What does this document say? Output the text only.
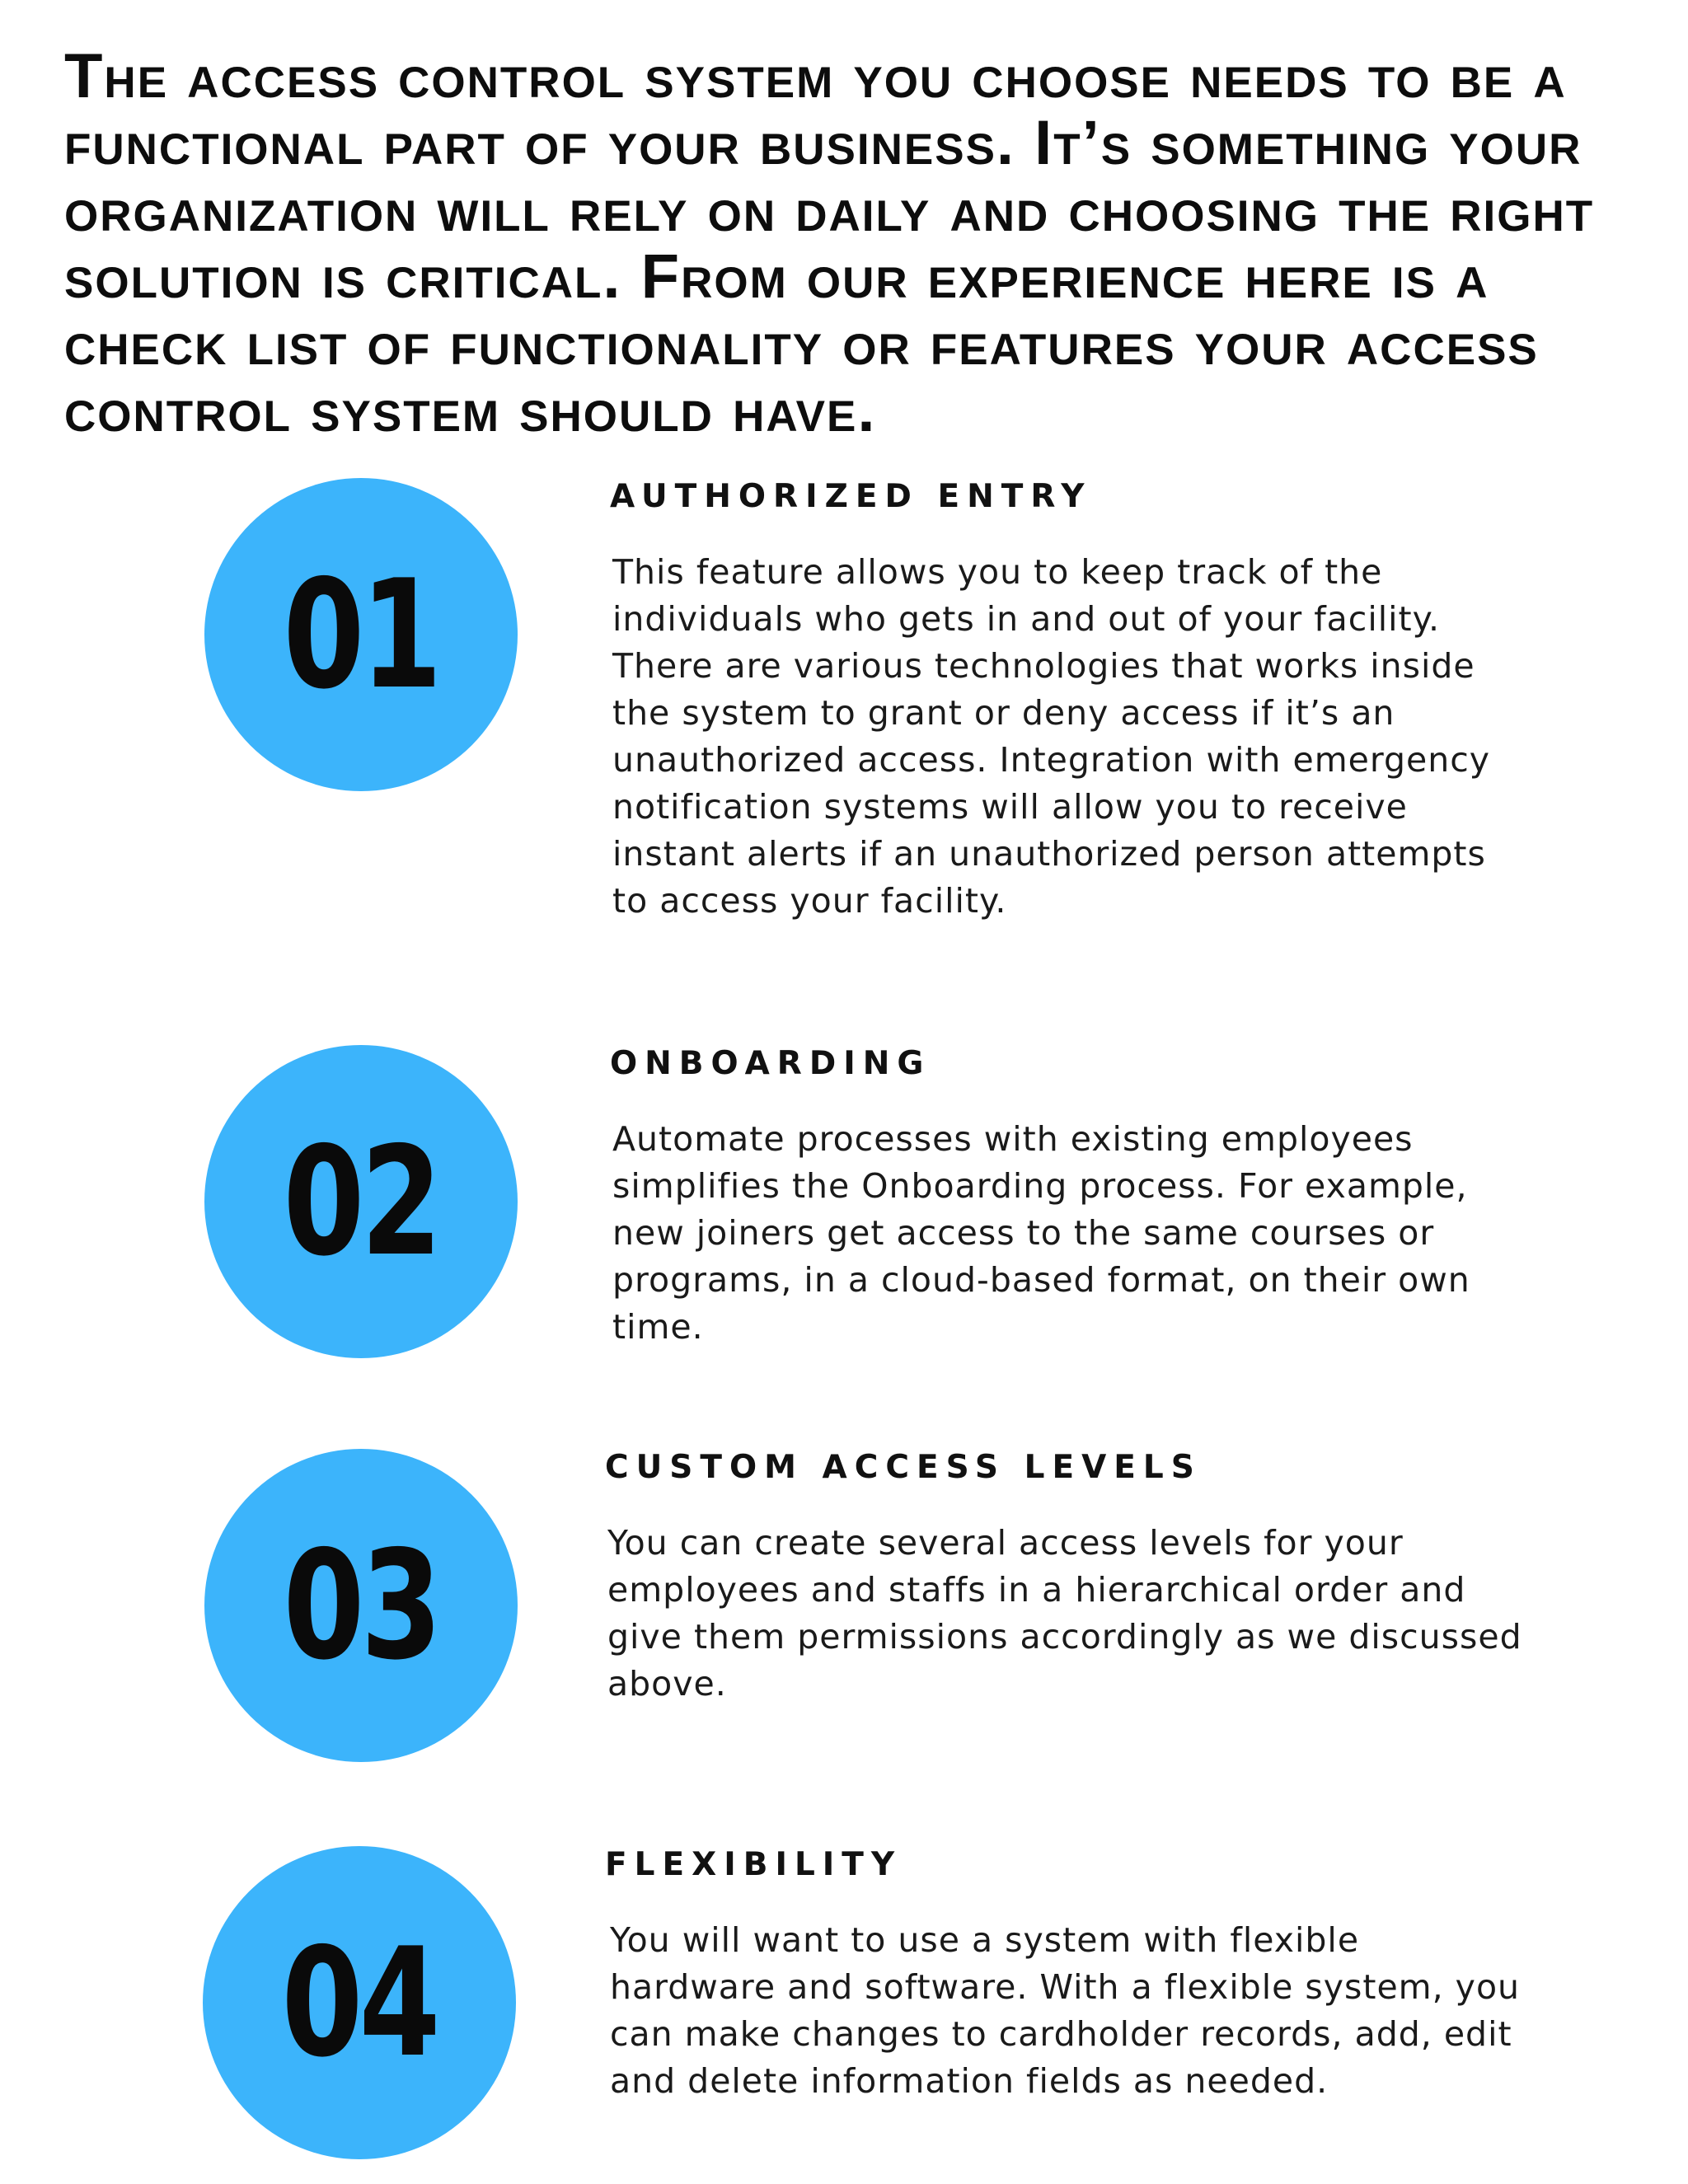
The access control system you choose needs to be a functional part of your business. It’s something your organization will rely on daily and choosing the right solution is critical. From our experience here is a check list of functionality or features your access control system should have.
01
AUTHORIZED ENTRY

This feature allows you to keep track of the individuals who gets in and out of your facility. There are various technologies that works inside the system to grant or deny access if it’s an unauthorized access. Integration with emergency notification systems will allow you to receive instant alerts if an unauthorized person attempts to access your facility.

02
ONBOARDING

Automate processes with existing employees simplifies the Onboarding process. For example, new joiners get access to the same courses or programs, in a cloud-based format, on their own time.

03
CUSTOM ACCESS LEVELS

You can create several access levels for your employees and staffs in a hierarchical order and give them permissions accordingly as we discussed above.

04
FLEXIBILITY

You will want to use a system with flexible hardware and software. With a flexible system, you can make changes to cardholder records, add, edit and delete information fields as needed.
